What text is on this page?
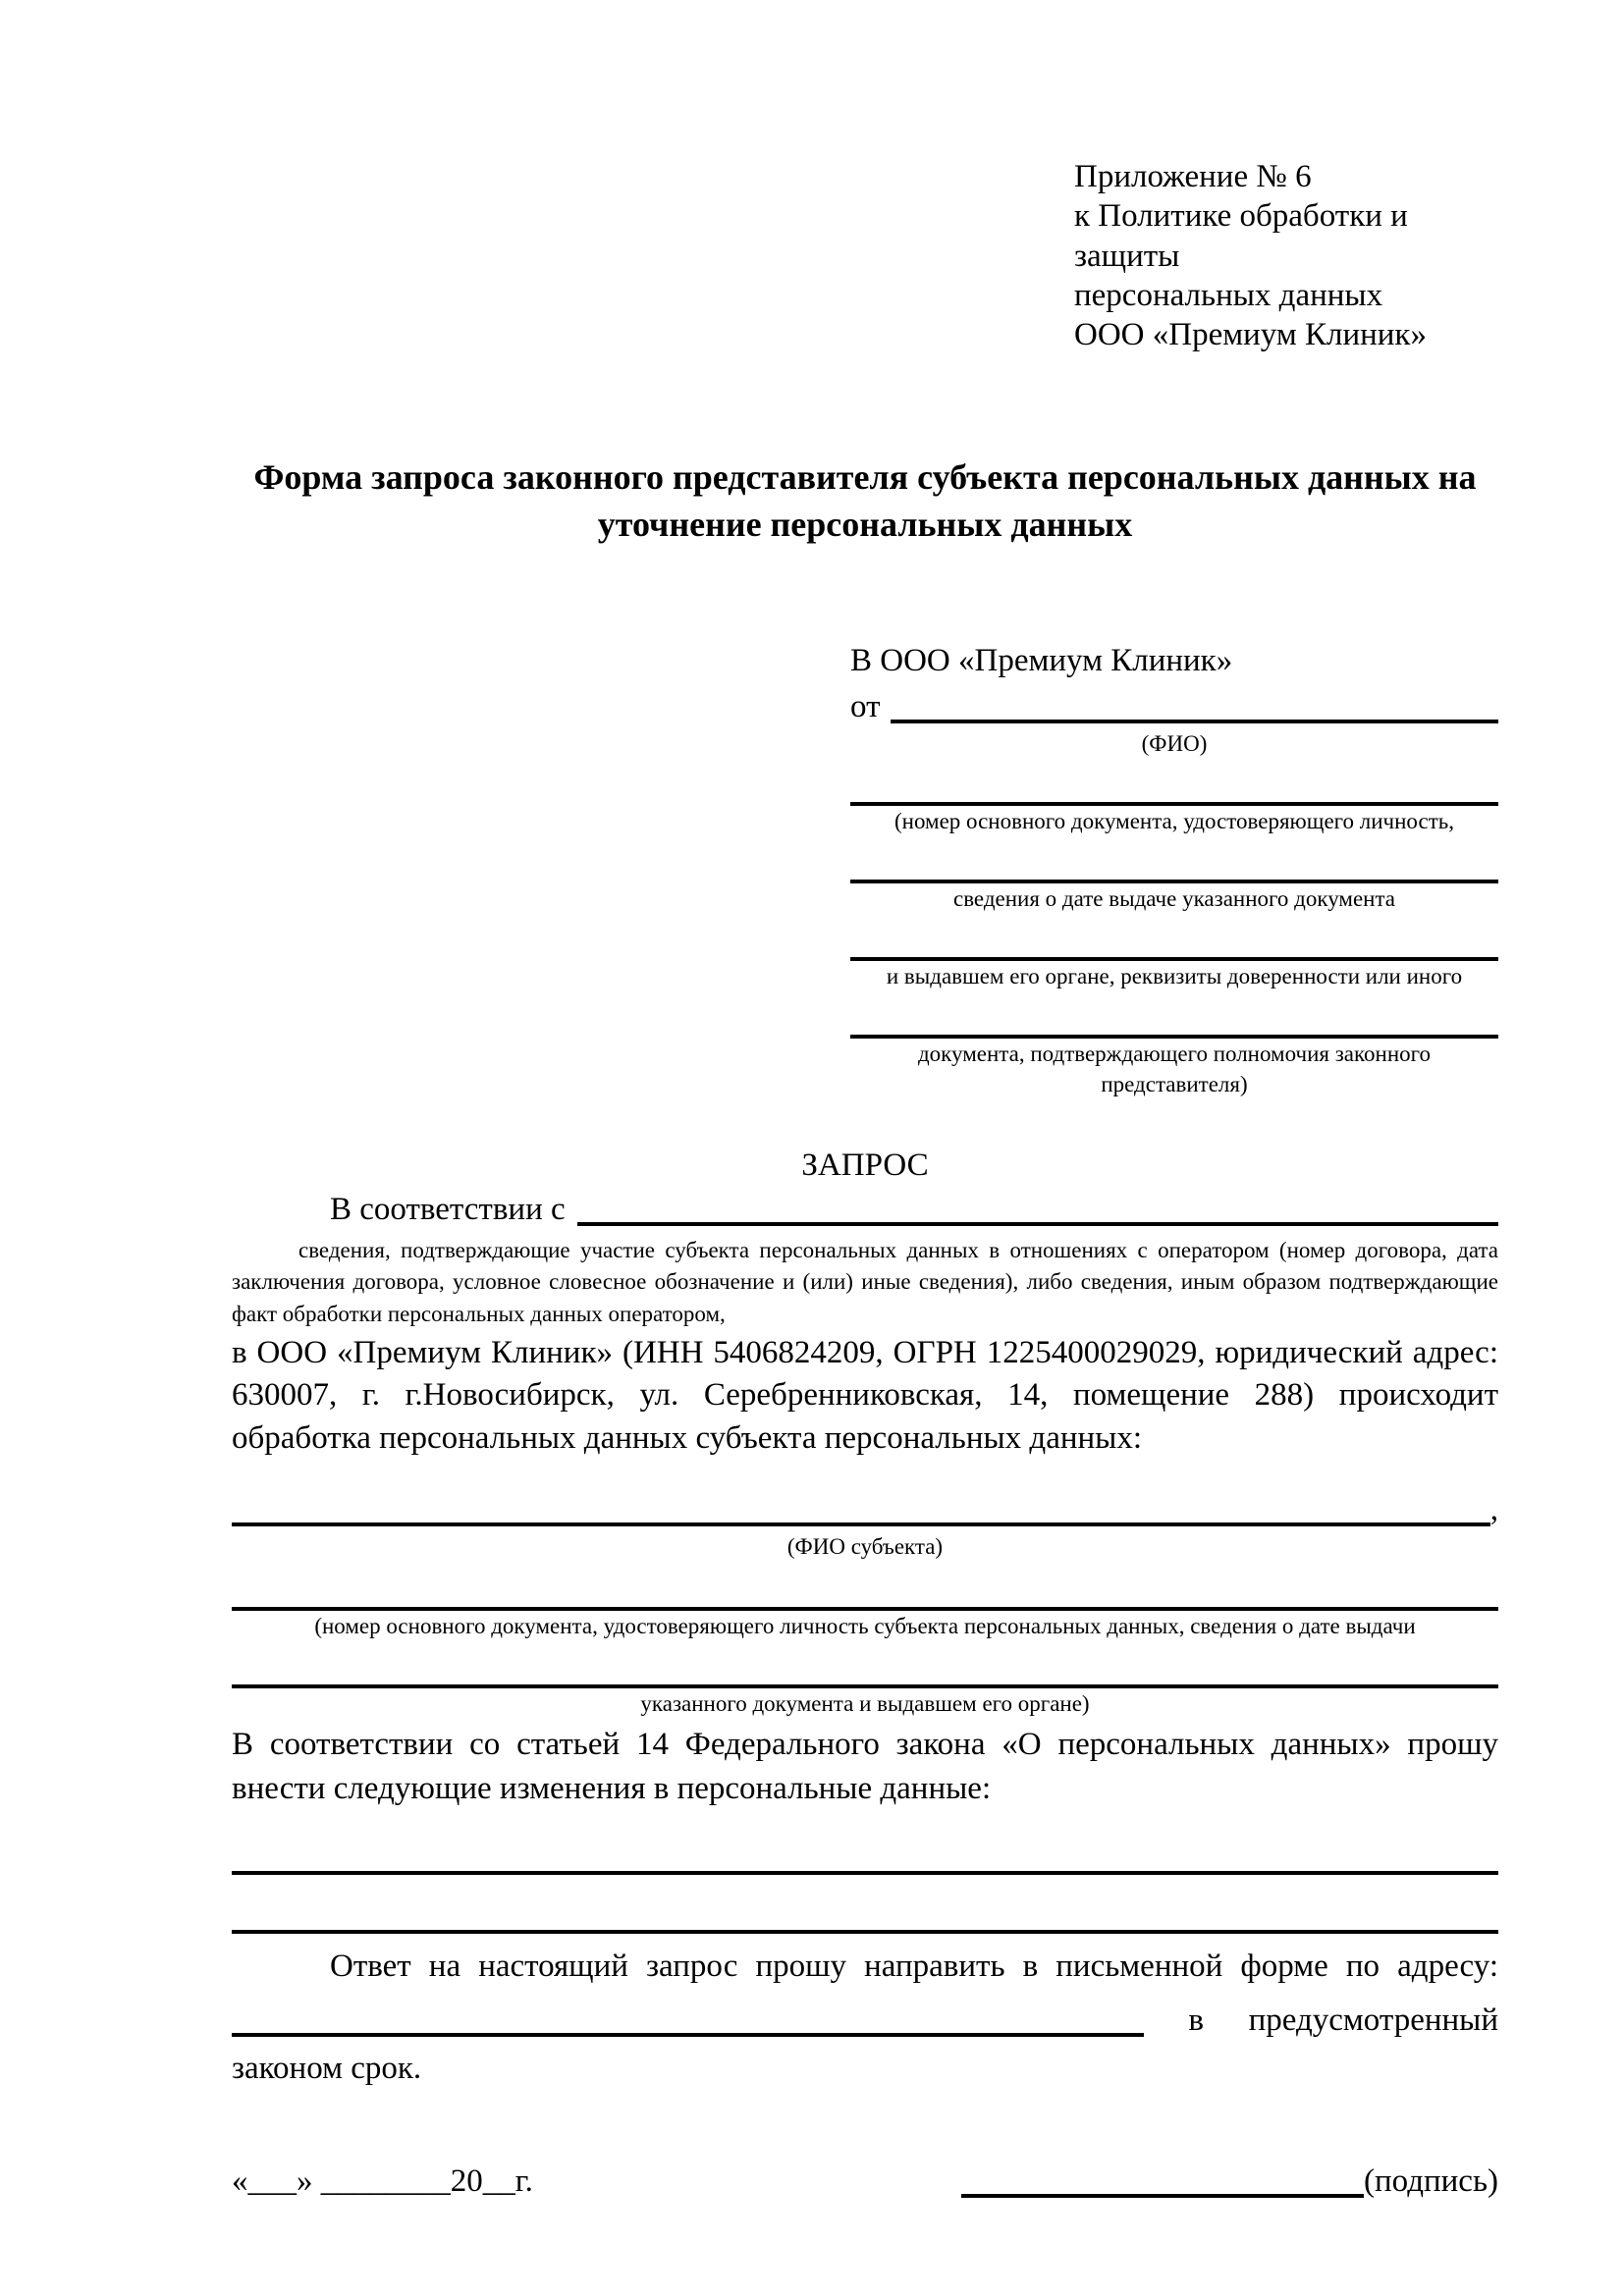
Приложение № 6
к Политике обработки и защиты
персональных данных
ООО «Премиум Клиник»
Форма запроса законного представителя субъекта персональных данных на уточнение персональных данных
В ООО «Премиум Клиник»
от
(ФИО)
(номер основного документа, удостоверяющего личность,
сведения о дате выдаче указанного документа
и выдавшем его органе, реквизиты доверенности или иного
документа, подтверждающего полномочия законного представителя)
ЗАПРОС
В соответствии с
сведения, подтверждающие участие субъекта персональных данных в отношениях с оператором (номер договора, дата заключения договора, условное словесное обозначение и (или) иные сведения), либо сведения, иным образом подтверждающие факт обработки персональных данных оператором,

в ООО «Премиум Клиник» (ИНН 5406824209, ОГРН 1225400029029, юридический адрес: 630007, г. г.Новосибирск, ул. Серебренниковская, 14, помещение 288) происходит обработка персональных данных субъекта персональных данных:

,
(ФИО субъекта)
(номер основного документа, удостоверяющего личность субъекта персональных данных, сведения о дате выдачи
указанного документа и выдавшем его органе)

В соответствии со статьей 14 Федерального закона «О персональных данных» прошу внести следующие изменения в персональные данные:

Ответ на настоящий запрос прошу направить в письменной форме по адресу:
в предусмотренный
законом срок.
«___» ________20__г.	(подпись)
